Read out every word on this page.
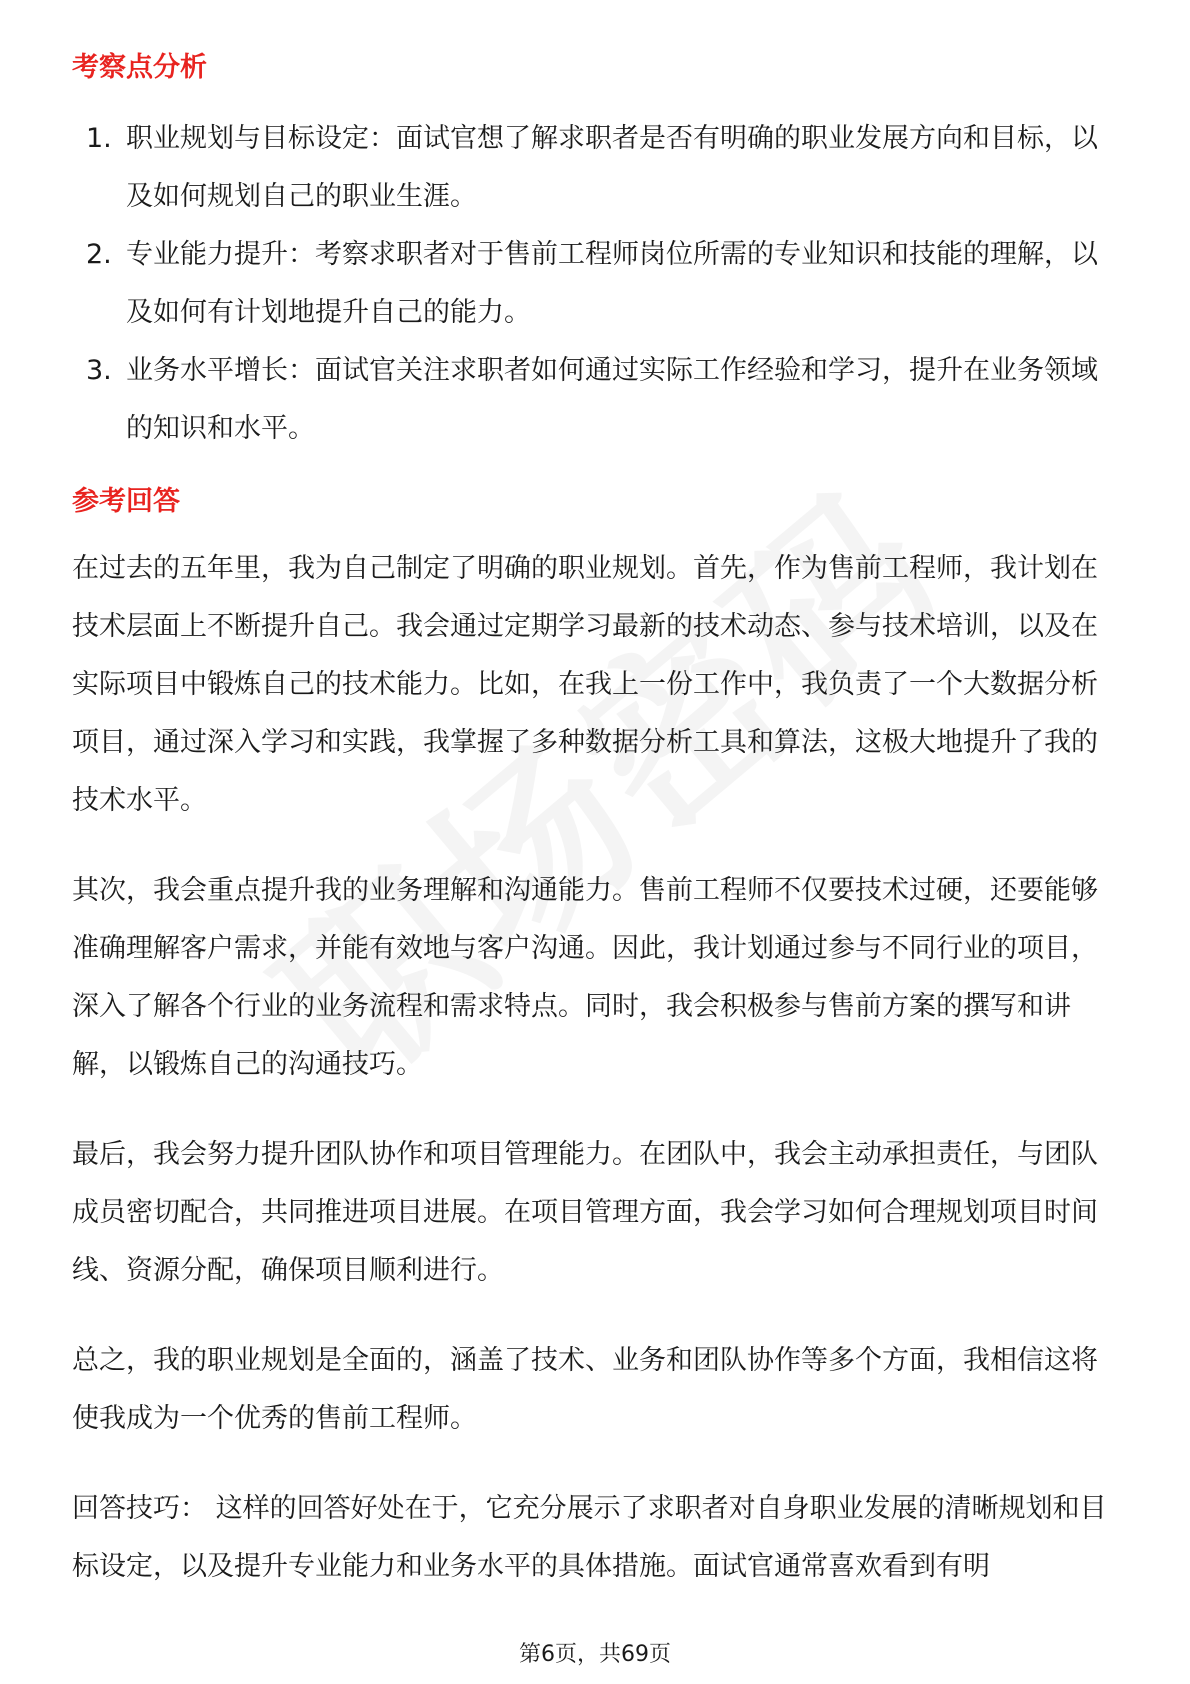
考察点分析
1. 职业规划与目标设定：面试官想了解求职者是否有明确的职业发展方向和目标，以及如何规划自己的职业生涯。
2. 专业能力提升：考察求职者对于售前工程师岗位所需的专业知识和技能的理解，以及如何有计划地提升自己的能力。
3. 业务水平增长：面试官关注求职者如何通过实际工作经验和学习，提升在业务领域的知识和水平。
参考回答

在过去的五年里，我为自己制定了明确的职业规划。首先，作为售前工程师，我计划在技术层面上不断提升自己。我会通过定期学习最新的技术动态、参与技术培训，以及在实际项目中锻炼自己的技术能力。比如，在我上一份工作中，我负责了一个大数据分析项目，通过深入学习和实践，我掌握了多种数据分析工具和算法，这极大地提升了我的技术水平。

其次，我会重点提升我的业务理解和沟通能力。售前工程师不仅要技术过硬，还要能够准确理解客户需求，并能有效地与客户沟通。因此，我计划通过参与不同行业的项目，深入了解各个行业的业务流程和需求特点。同时，我会积极参与售前方案的撰写和讲解，以锻炼自己的沟通技巧。

最后，我会努力提升团队协作和项目管理能力。在团队中，我会主动承担责任，与团队成员密切配合，共同推进项目进展。在项目管理方面，我会学习如何合理规划项目时间线、资源分配，确保项目顺利进行。

总之，我的职业规划是全面的，涵盖了技术、业务和团队协作等多个方面，我相信这将使我成为一个优秀的售前工程师。

回答技巧： 这样的回答好处在于，它充分展示了求职者对自身职业发展的清晰规划和目标设定，以及提升专业能力和业务水平的具体措施。面试官通常喜欢看到有明

第6页，共69页
